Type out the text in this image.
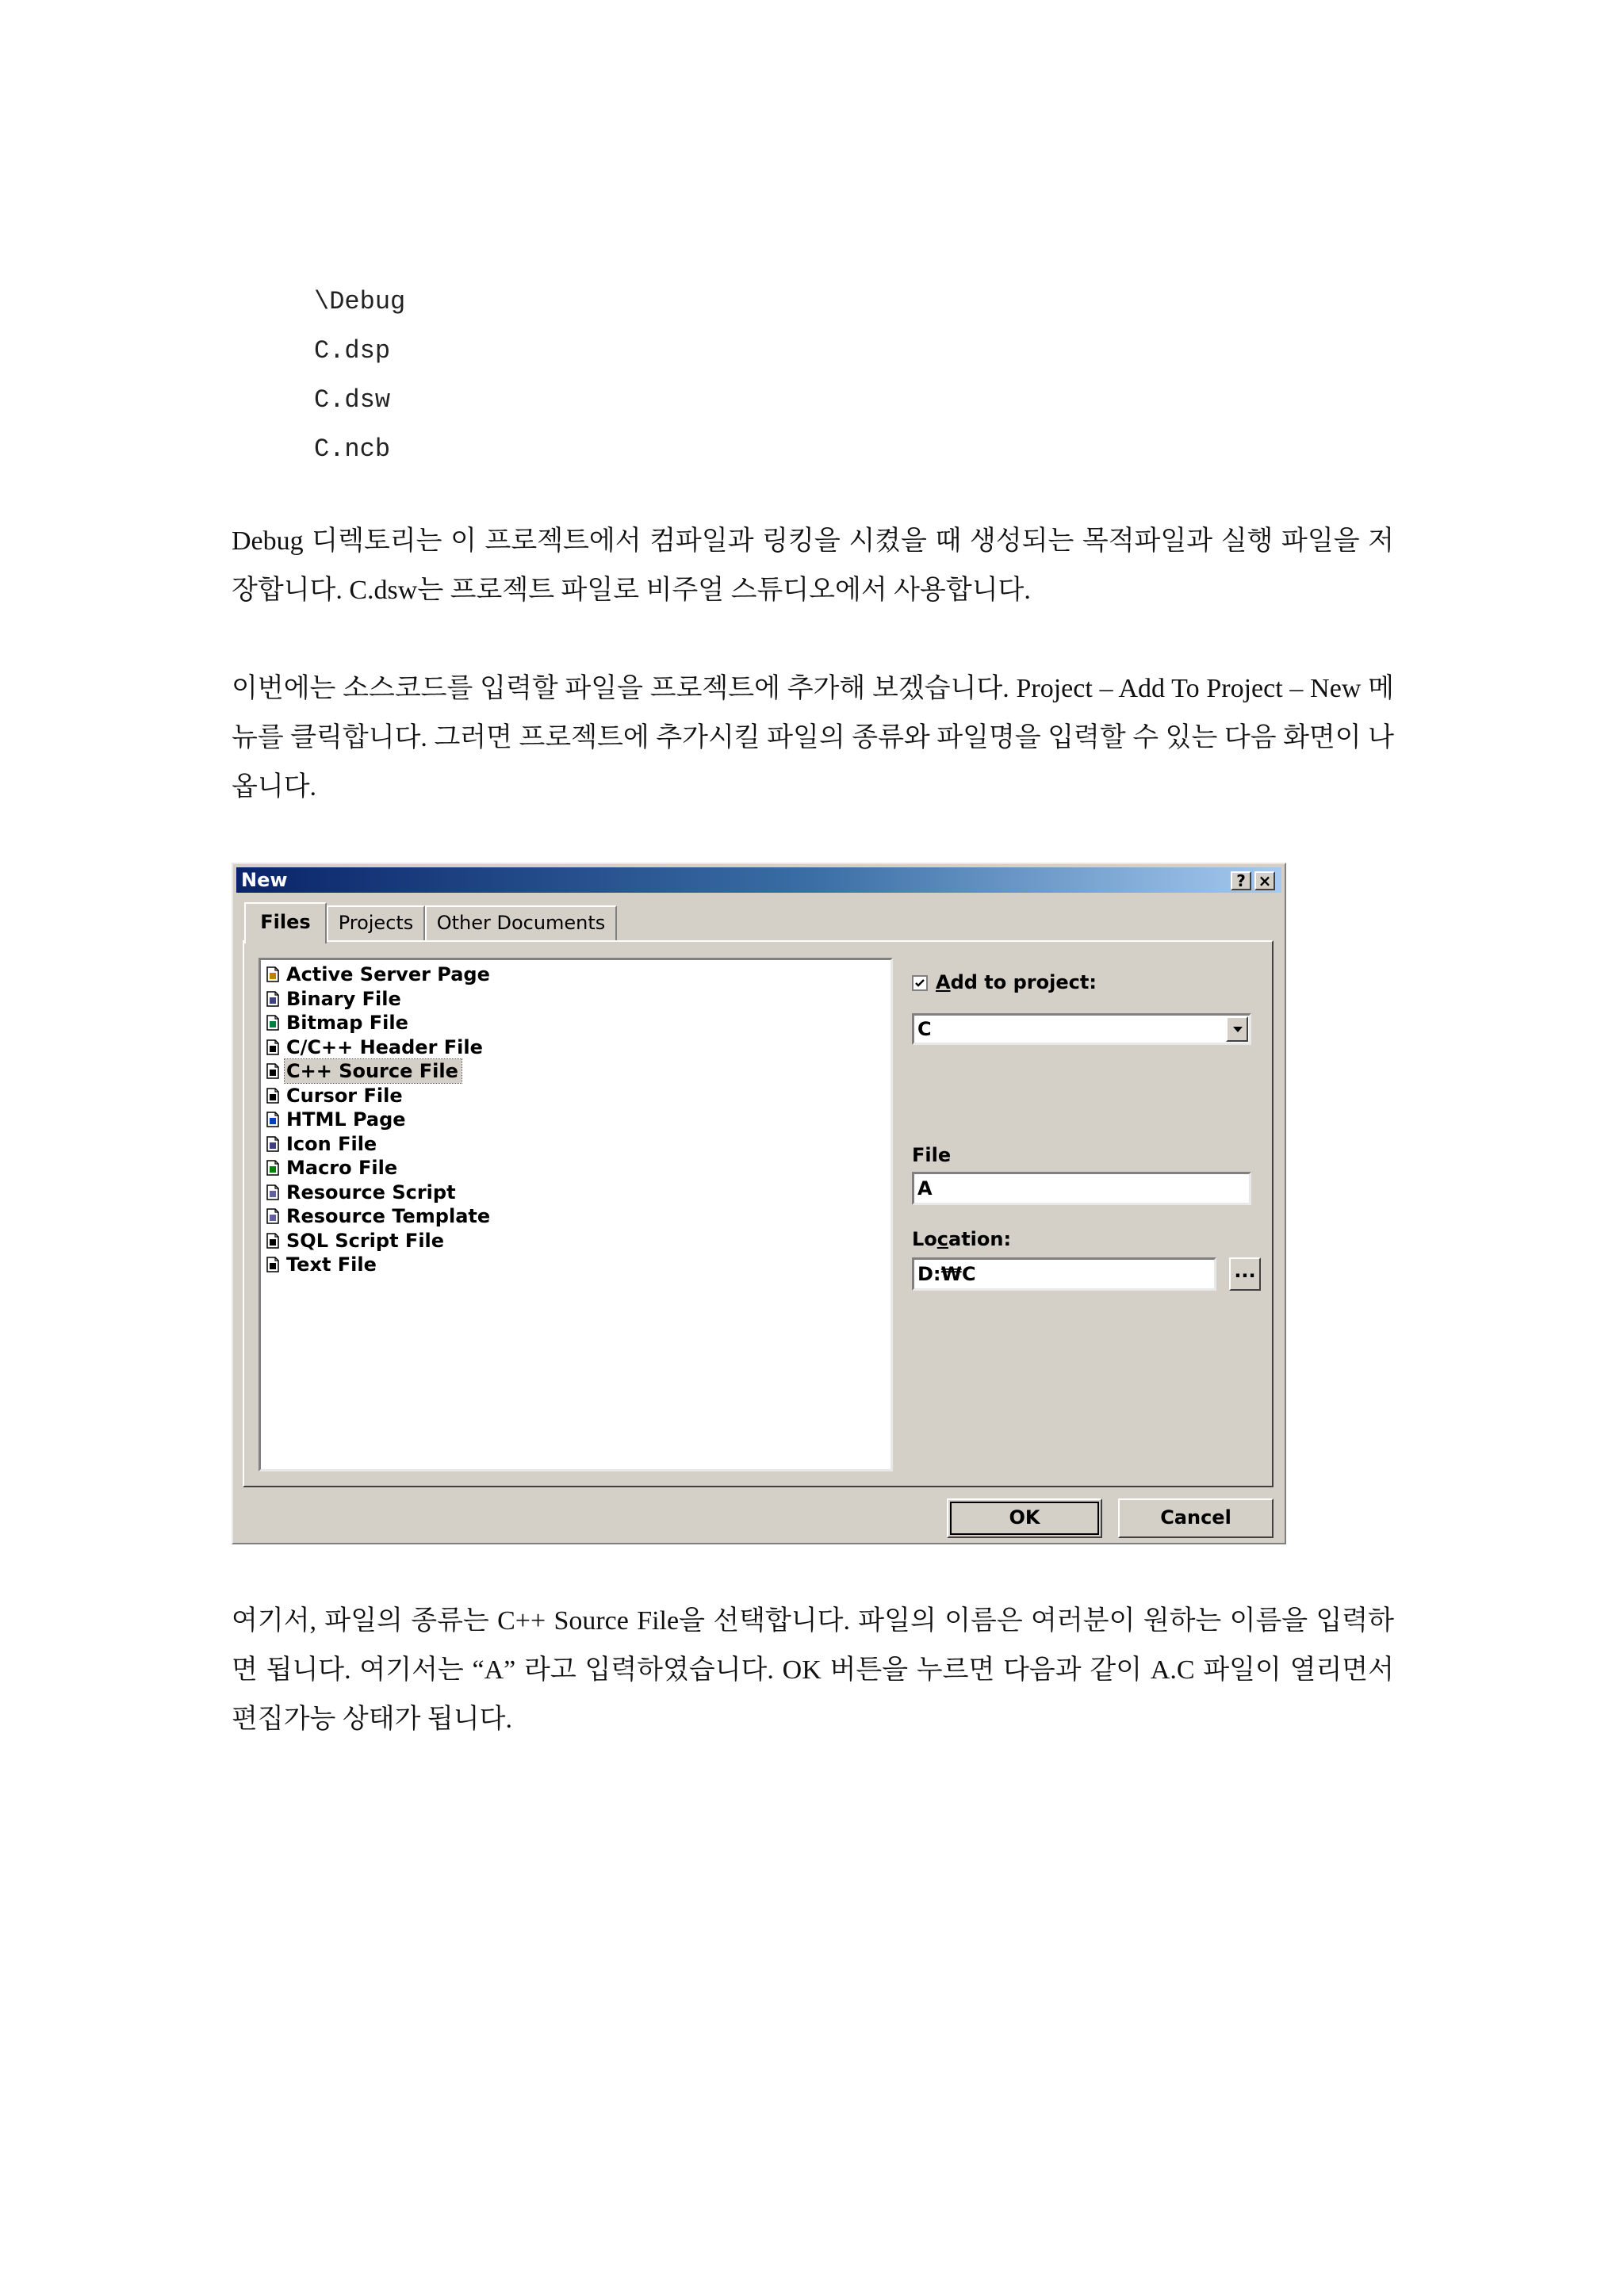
\Debug
C.dsp
C.dsw
C.ncb
Debug 디렉토리는 이 프로젝트에서 컴파일과 링킹을 시켰을 때 생성되는 목적파일과 실행 파일을 저장합니다. C.dsw는 프로젝트 파일로 비주얼 스튜디오에서 사용합니다.
이번에는 소스코드를 입력할 파일을 프로젝트에 추가해 보겠습니다. Project – Add To Project – New 메뉴를 클릭합니다. 그러면 프로젝트에 추가시킬 파일의 종류와 파일명을 입력할 수 있는 다음 화면이 나옵니다.
New	? ×
Files	Projects	Other Documents
Active Server Page
Binary File
Bitmap File
C/C++ Header File
C++ Source File
Cursor File
HTML Page
Icon File
Macro File
Resource Script
Resource Template
SQL Script File
Text File
Add to project:
C
File
A
Location:
D:₩C	...
OK	Cancel
여기서, 파일의 종류는 C++ Source File을 선택합니다. 파일의 이름은 여러분이 원하는 이름을 입력하면 됩니다. 여기서는 “A” 라고 입력하였습니다. OK 버튼을 누르면 다음과 같이 A.C 파일이 열리면서 편집가능 상태가 됩니다.
